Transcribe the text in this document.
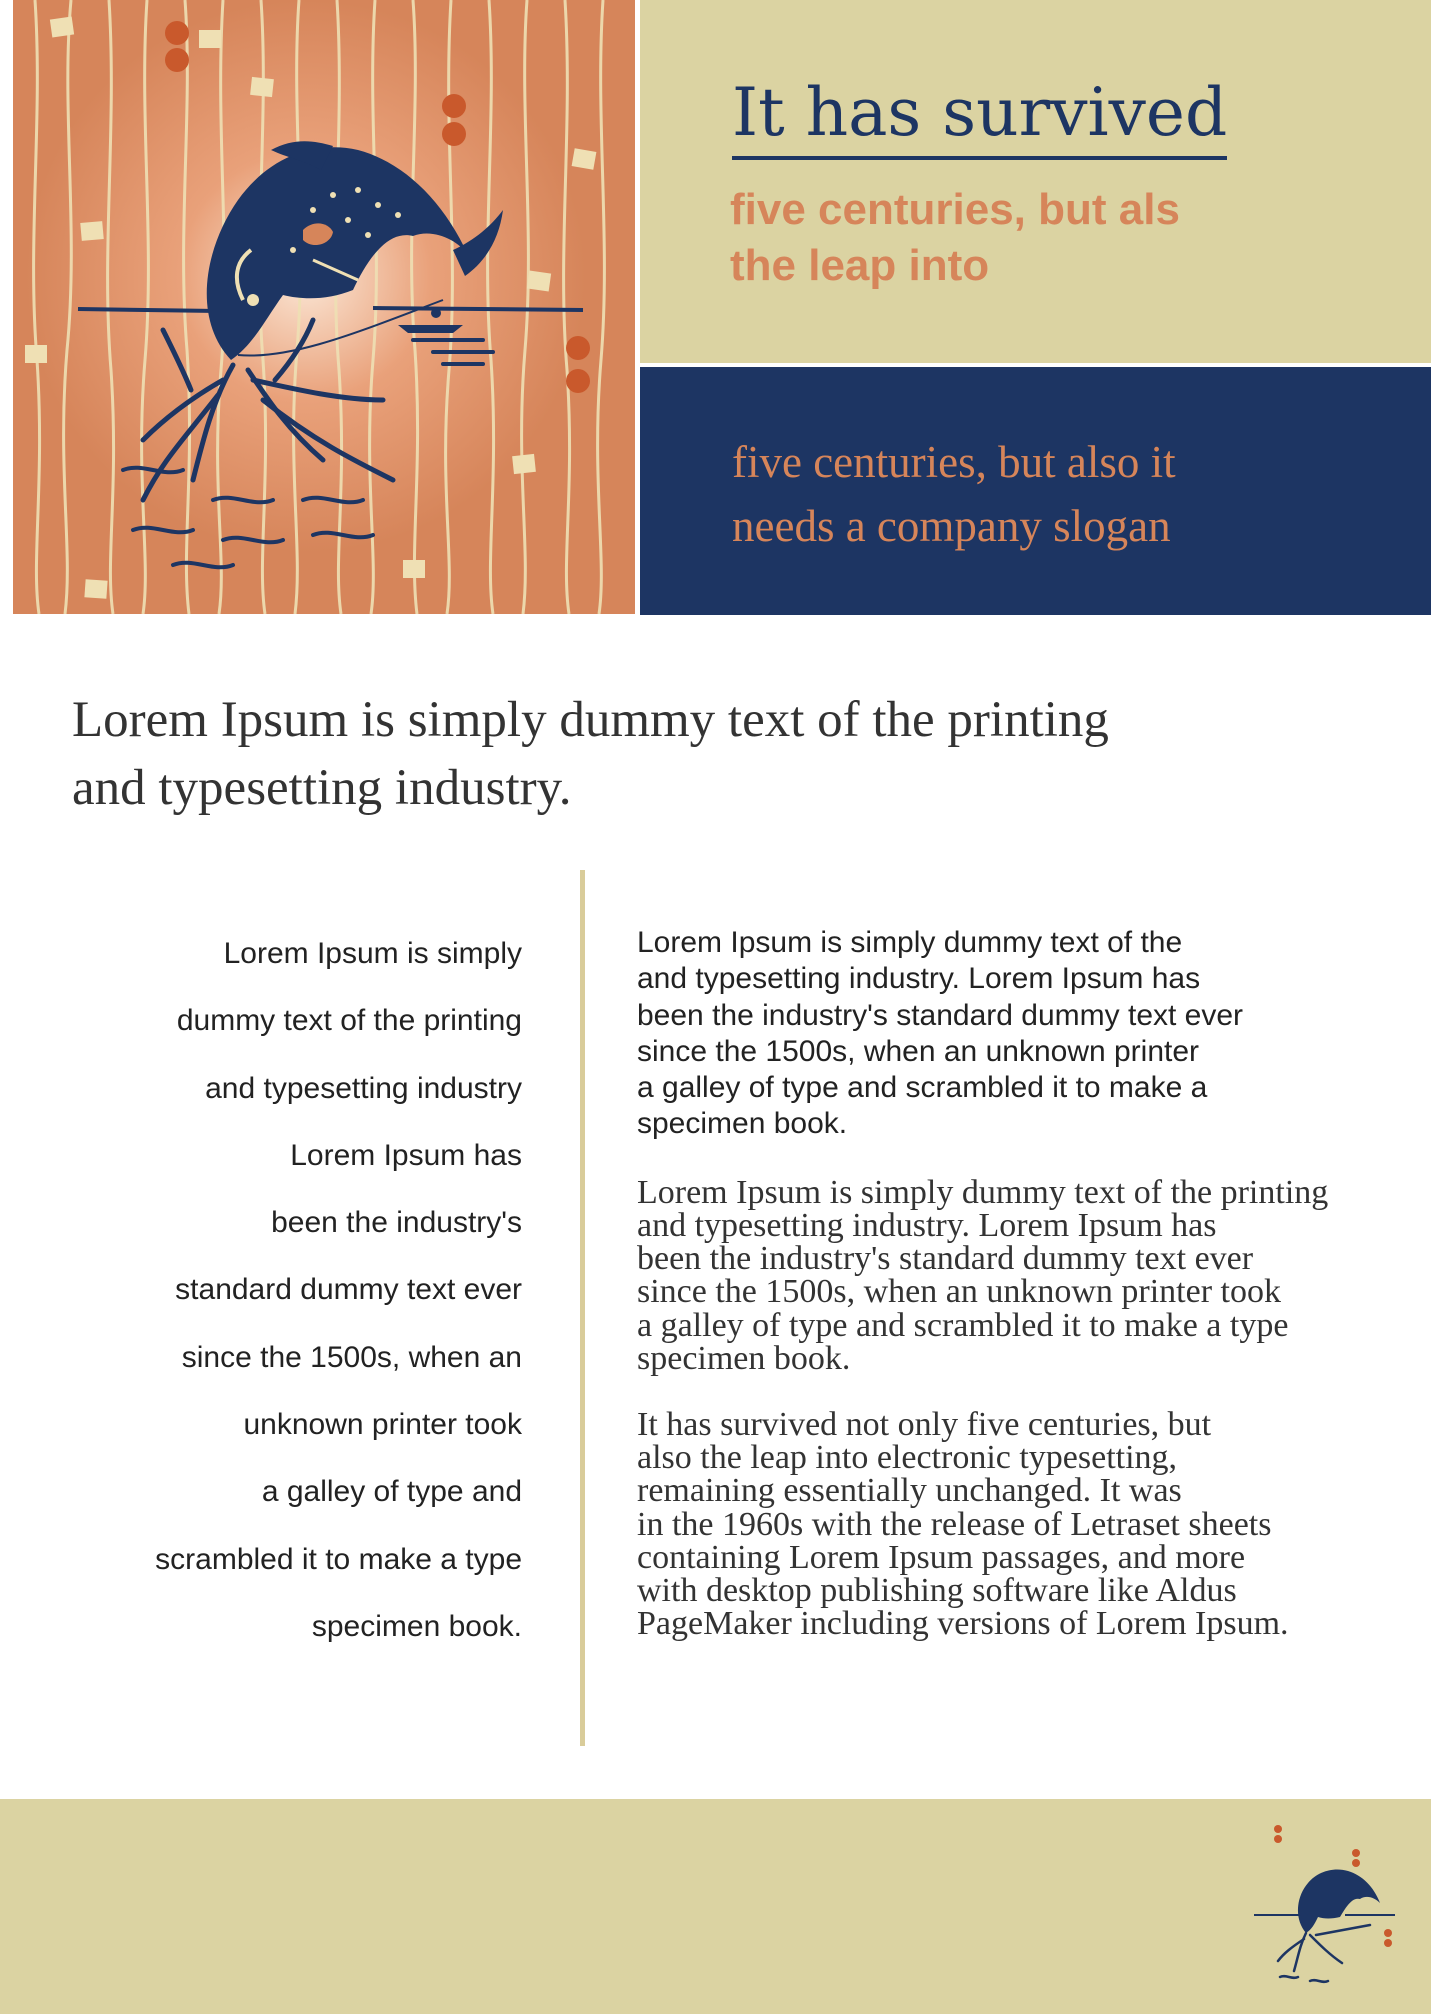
It has survived
five centuries, but als
the leap into
five centuries, but also it
needs a company slogan
Lorem Ipsum is simply dummy text of the printing
and typesetting industry.
Lorem Ipsum is simply
dummy text of the printing
and typesetting industry
Lorem Ipsum has
been the industry's
standard dummy text ever
since the 1500s, when an
unknown printer took
a galley of type and
scrambled it to make a type
specimen book.
Lorem Ipsum is simply dummy text of the
and typesetting industry. Lorem Ipsum has
been the industry's standard dummy text ever
since the 1500s, when an unknown printer
a galley of type and scrambled it to make a
specimen book.
Lorem Ipsum is simply dummy text of the printing
and typesetting industry. Lorem Ipsum has
been the industry's standard dummy text ever
since the 1500s, when an unknown printer took
a galley of type and scrambled it to make a type
specimen book.
It has survived not only five centuries, but
also the leap into electronic typesetting,
remaining essentially unchanged. It was
in the 1960s with the release of Letraset sheets
containing Lorem Ipsum passages, and more
with desktop publishing software like Aldus
PageMaker including versions of Lorem Ipsum.
